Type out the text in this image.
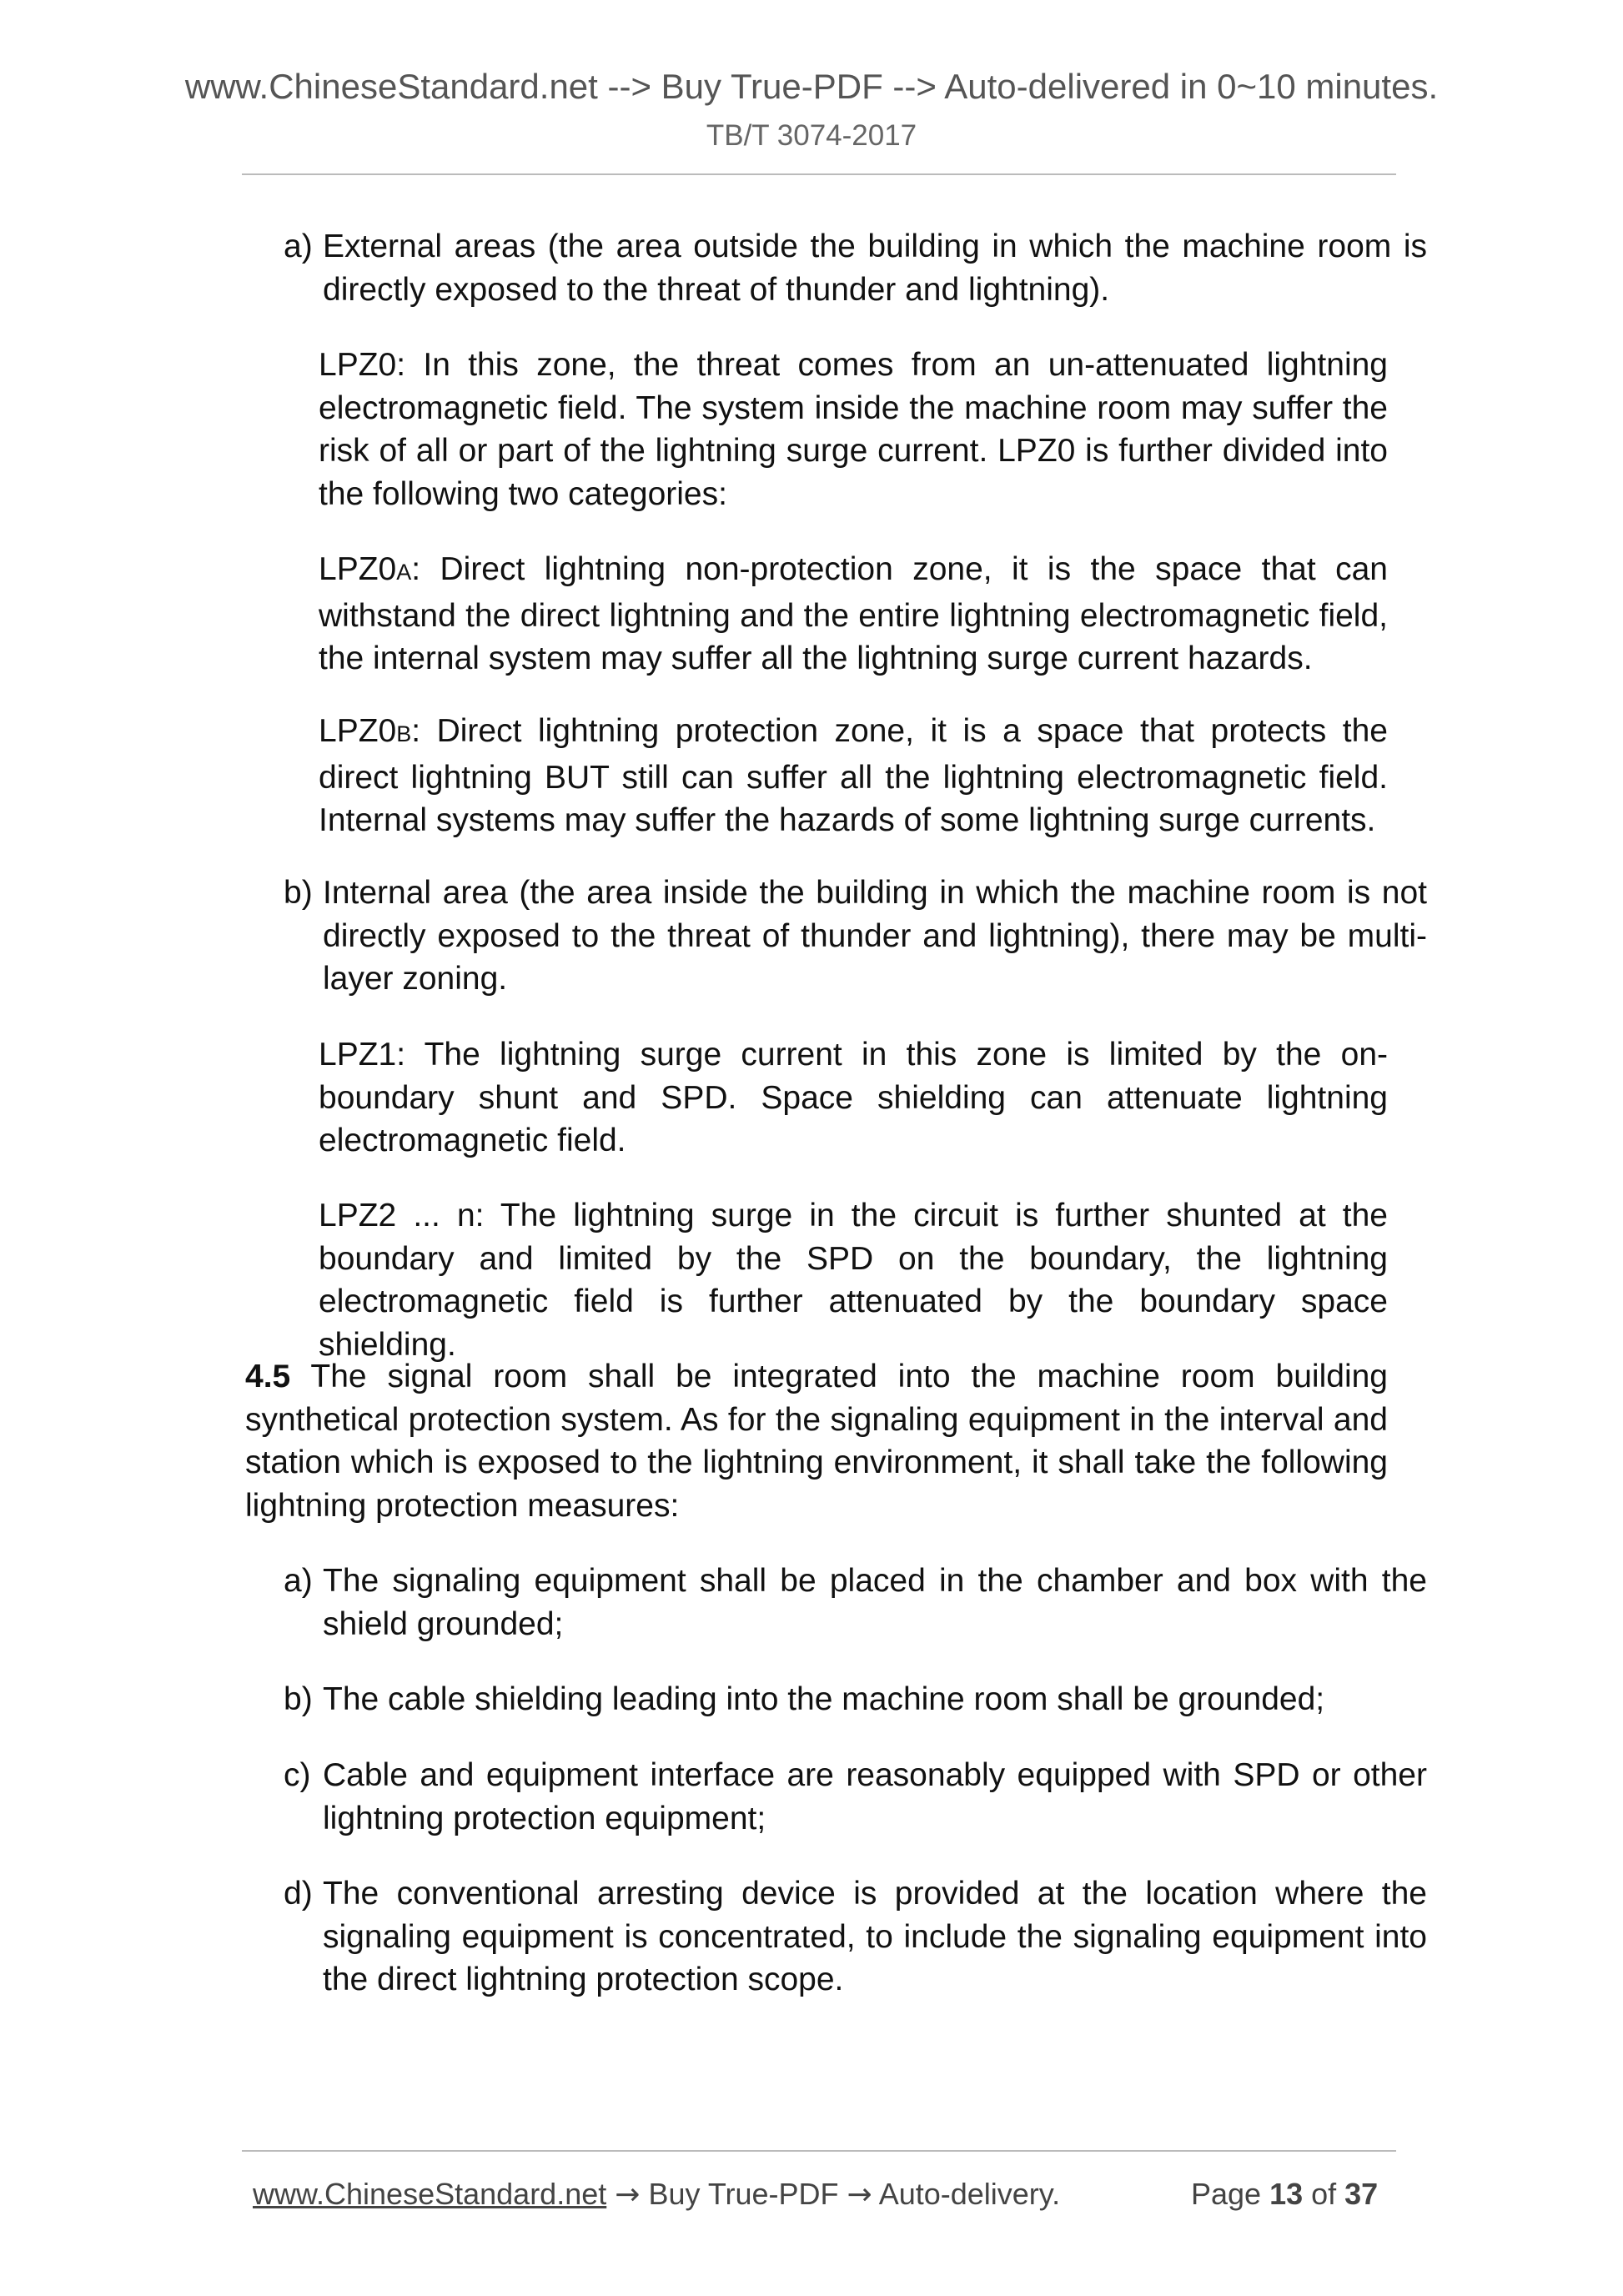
www.ChineseStandard.net --> Buy True-PDF --> Auto-delivered in 0~10 minutes.
TB/T 3074-2017

a) External areas (the area outside the building in which the machine room is directly exposed to the threat of thunder and lightning).

LPZ0: In this zone, the threat comes from an un-attenuated lightning electromagnetic field. The system inside the machine room may suffer the risk of all or part of the lightning surge current. LPZ0 is further divided into the following two categories:

LPZ0A: Direct lightning non-protection zone, it is the space that can withstand the direct lightning and the entire lightning electromagnetic field, the internal system may suffer all the lightning surge current hazards.

LPZ0B: Direct lightning protection zone, it is a space that protects the direct lightning BUT still can suffer all the lightning electromagnetic field. Internal systems may suffer the hazards of some lightning surge currents.

b) Internal area (the area inside the building in which the machine room is not directly exposed to the threat of thunder and lightning), there may be multi-layer zoning.

LPZ1: The lightning surge current in this zone is limited by the on-boundary shunt and SPD. Space shielding can attenuate lightning electromagnetic field.

LPZ2 ... n: The lightning surge in the circuit is further shunted at the boundary and limited by the SPD on the boundary, the lightning electromagnetic field is further attenuated by the boundary space shielding.

4.5 The signal room shall be integrated into the machine room building synthetical protection system. As for the signaling equipment in the interval and station which is exposed to the lightning environment, it shall take the following lightning protection measures:

a) The signaling equipment shall be placed in the chamber and box with the shield grounded;

b) The cable shielding leading into the machine room shall be grounded;

c) Cable and equipment interface are reasonably equipped with SPD or other lightning protection equipment;

d) The conventional arresting device is provided at the location where the signaling equipment is concentrated, to include the signaling equipment into the direct lightning protection scope.

www.ChineseStandard.net → Buy True-PDF → Auto-delivery.	Page 13 of 37
